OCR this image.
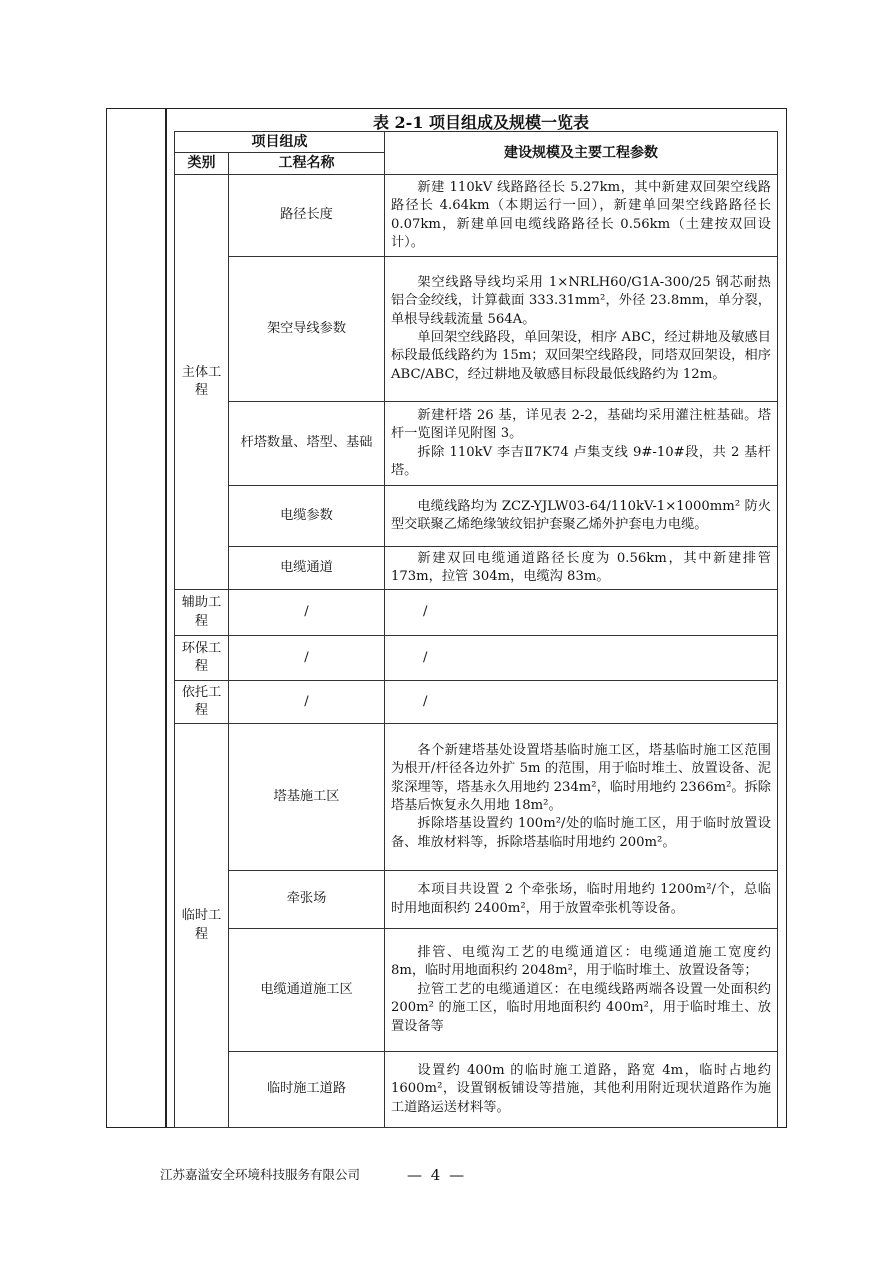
表 2-1 项目组成及规模一览表
项目组成		建设规模及主要工程参数
类别	工程名称	
主体工程	路径长度	新建 110kV 线路路径长 5.27km，其中新建双回架空线路路径长 4.64km（本期运行一回），新建单回架空线路路径长 0.07km，新建单回电缆线路路径长 0.56km（土建按双回设计）。

	架空导线参数	架空线路导线均采用 1×NRLH60/G1A-300/25 钢芯耐热铝合金绞线，计算截面 333.31mm²，外径 23.8mm，单分裂，单根导线载流量 564A。

单回架空线路段，单回架设，相序 ABC，经过耕地及敏感目标段最低线路约为 15m；双回架空线路段，同塔双回架设，相序 ABC/ABC，经过耕地及敏感目标段最低线路约为 12m。

	杆塔数量、塔型、基础	新建杆塔 26 基，详见表 2-2，基础均采用灌注桩基础。塔杆一览图详见附图 3。

拆除 110kV 李吉Ⅱ7K74 卢集支线 9#-10#段，共 2 基杆塔。

	电缆参数	电缆线路均为 ZCZ-YJLW03-64/110kV-1×1000mm² 防火型交联聚乙烯绝缘皱纹铝护套聚乙烯外护套电力电缆。

	电缆通道	新建双回电缆通道路径长度为 0.56km，其中新建排管 173m，拉管 304m，电缆沟 83m。

辅助工程	/	/
环保工程	/	/
依托工程	/	/
临时工程	塔基施工区	各个新建塔基处设置塔基临时施工区，塔基临时施工区范围为根开/杆径各边外扩 5m 的范围，用于临时堆土、放置设备、泥浆深埋等，塔基永久用地约 234m²，临时用地约 2366m²。拆除塔基后恢复永久用地 18m²。

拆除塔基设置约 100m²/处的临时施工区，用于临时放置设备、堆放材料等，拆除塔基临时用地约 200m²。

	牵张场	本项目共设置 2 个牵张场，临时用地约 1200m²/个，总临时用地面积约 2400m²，用于放置牵张机等设备。

	电缆通道施工区	排管、电缆沟工艺的电缆通道区：电缆通道施工宽度约 8m，临时用地面积约 2048m²，用于临时堆土、放置设备等；

拉管工艺的电缆通道区：在电缆线路两端各设置一处面积约 200m² 的施工区，临时用地面积约 400m²，用于临时堆土、放置设备等

	临时施工道路	设置约 400m 的临时施工道路，路宽 4m，临时占地约 1600m²，设置钢板铺设等措施，其他利用附近现状道路作为施工道路运送材料等。

江苏嘉溢安全环境科技服务有限公司	— 4 —
